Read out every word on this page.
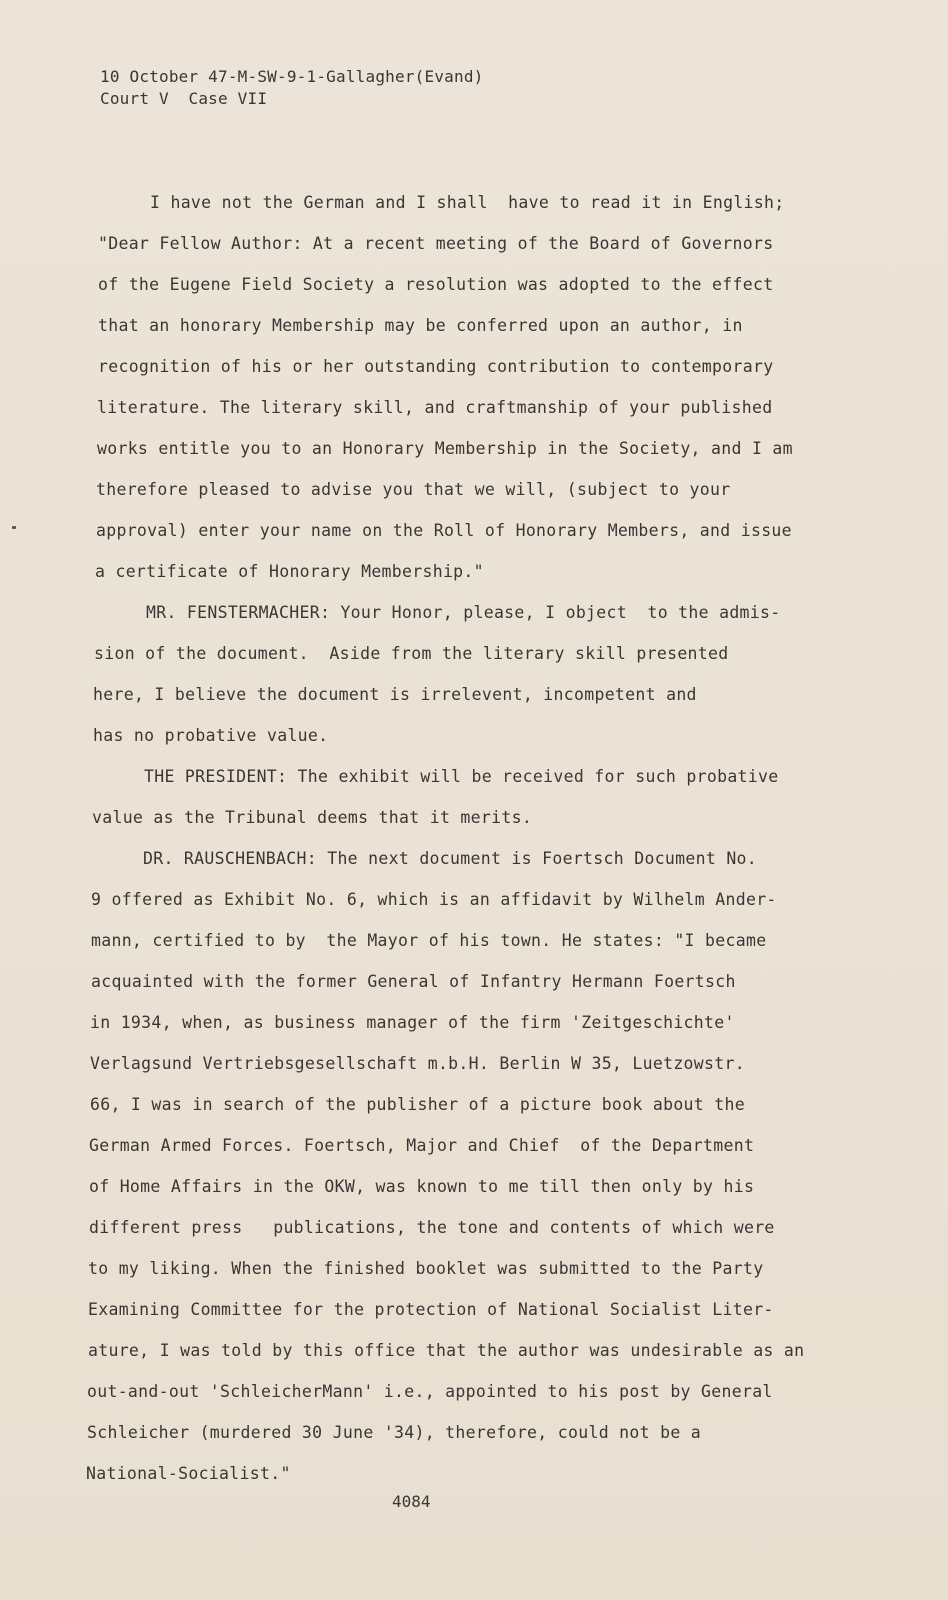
10 October 47-M-SW-9-1-Gallagher(Evand)
Court V  Case VII
I have not the German and I shall  have to read it in English;
"Dear Fellow Author: At a recent meeting of the Board of Governors
of the Eugene Field Society a resolution was adopted to the effect
that an honorary Membership may be conferred upon an author, in
recognition of his or her outstanding contribution to contemporary
literature. The literary skill, and craftmanship of your published
works entitle you to an Honorary Membership in the Society, and I am
therefore pleased to advise you that we will, (subject to your
approval) enter your name on the Roll of Honorary Members, and issue
a certificate of Honorary Membership."
MR. FENSTERMACHER: Your Honor, please, I object  to the admis-
sion of the document.  Aside from the literary skill presented
here, I believe the document is irrelevent, incompetent and
has no probative value.
THE PRESIDENT: The exhibit will be received for such probative
value as the Tribunal deems that it merits.
DR. RAUSCHENBACH: The next document is Foertsch Document No.
9 offered as Exhibit No. 6, which is an affidavit by Wilhelm Ander-
mann, certified to by  the Mayor of his town. He states: "I became
acquainted with the former General of Infantry Hermann Foertsch
in 1934, when, as business manager of the firm 'Zeitgeschichte'
Verlagsund Vertriebsgesellschaft m.b.H. Berlin W 35, Luetzowstr.
66, I was in search of the publisher of a picture book about the
German Armed Forces. Foertsch, Major and Chief  of the Department
of Home Affairs in the OKW, was known to me till then only by his
different press   publications, the tone and contents of which were
to my liking. When the finished booklet was submitted to the Party
Examining Committee for the protection of National Socialist Liter-
ature, I was told by this office that the author was undesirable as an
out-and-out 'SchleicherMann' i.e., appointed to his post by General
Schleicher (murdered 30 June '34), therefore, could not be a
National-Socialist."
4084
